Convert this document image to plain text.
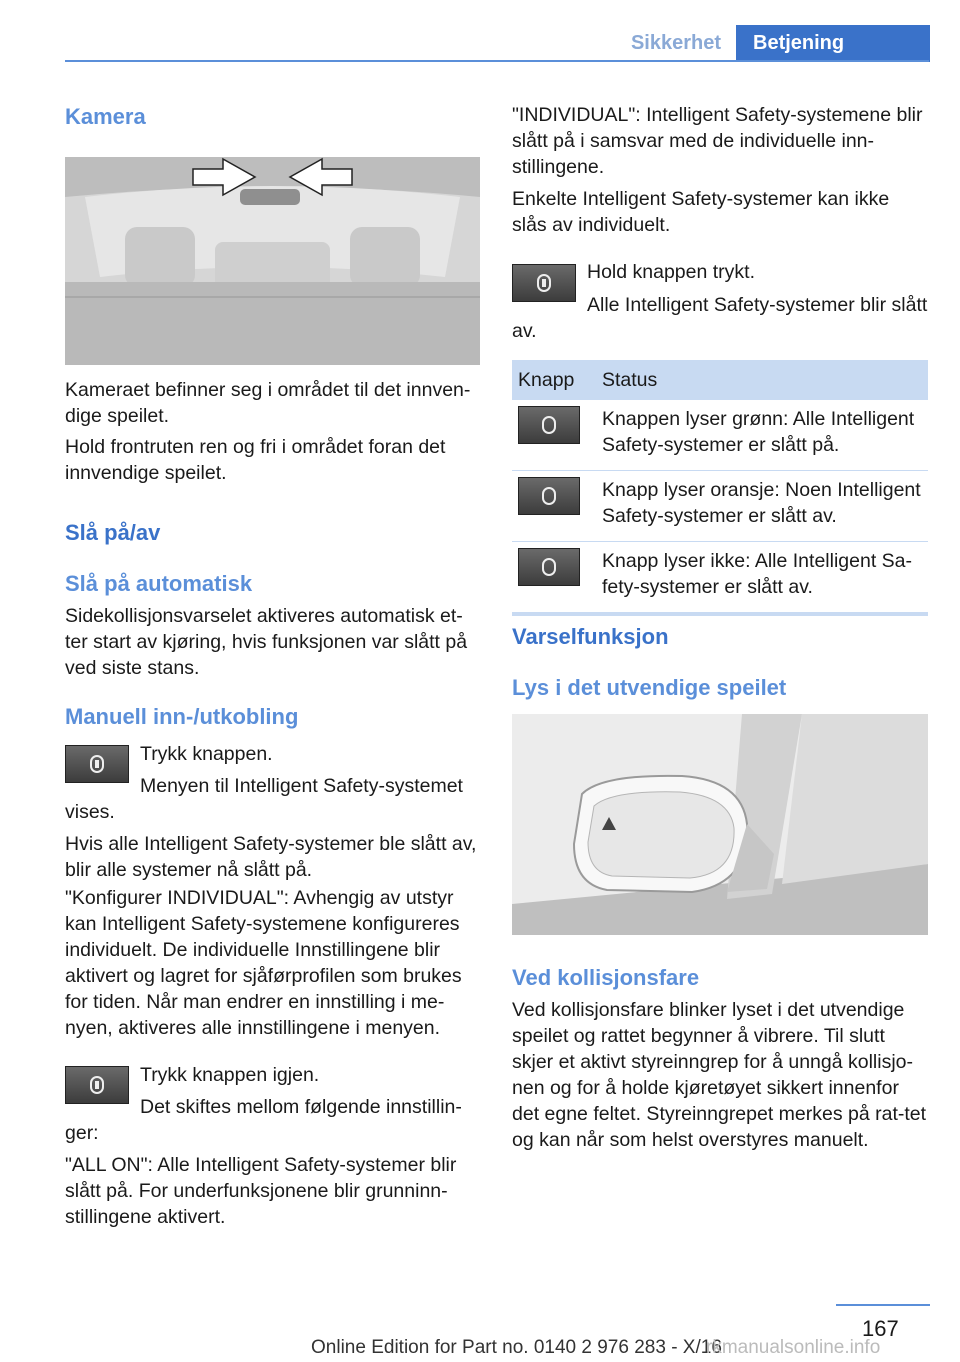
Sikkerhet	Betjening
Kamera

Kameraet befinner seg i området til det innven-dige speilet.

Hold frontruten ren og fri i området foran det innvendige speilet.

Slå på/av
Slå på automatisk

Sidekollisjonsvarselet aktiveres automatisk et-ter start av kjøring, hvis funksjonen var slått på ved siste stans.

Manuell inn-/utkobling

Trykk knappen.

Menyen til Intelligent Safety-systemet vises.

Hvis alle Intelligent Safety-systemer ble slått av, blir alle systemer nå slått på.

"Konfigurer INDIVIDUAL": Avhengig av utstyr kan Intelligent Safety-systemene konfigureres individuelt. De individuelle Innstillingene blir aktivert og lagret for sjåførprofilen som brukes for tiden. Når man endrer en innstilling i me-nyen, aktiveres alle innstillingene i menyen.

Trykk knappen igjen.

Det skiftes mellom følgende innstillin-ger:

"ALL ON": Alle Intelligent Safety-systemer blir slått på. For underfunksjonene blir grunninn-stillingene aktivert.

"INDIVIDUAL": Intelligent Safety-systemene blir slått på i samsvar med de individuelle inn-stillingene.

Enkelte Intelligent Safety-systemer kan ikke slås av individuelt.

Hold knappen trykt.

Alle Intelligent Safety-systemer blir slått av.

Knapp	Status

	Knappen lyser grønn: Alle Intelligent Safety-systemer er slått på.

	Knapp lyser oransje: Noen Intelligent Safety-systemer er slått av.

	Knapp lyser ikke: Alle Intelligent Sa-fety-systemer er slått av.
Varselfunksjon
Lys i det utvendige speilet
Ved kollisjonsfare

Ved kollisjonsfare blinker lyset i det utvendige speilet og rattet begynner å vibrere. Til slutt skjer et aktivt styreinngrep for å unngå kollisjo-nen og for å holde kjøretøyet sikkert innenfor det egne feltet. Styreinngrepet merkes på rat-tet og kan når som helst overstyres manuelt.

167
Online Edition for Part no. 0140 2 976 283 - X/16
rkmanualsonline.info
